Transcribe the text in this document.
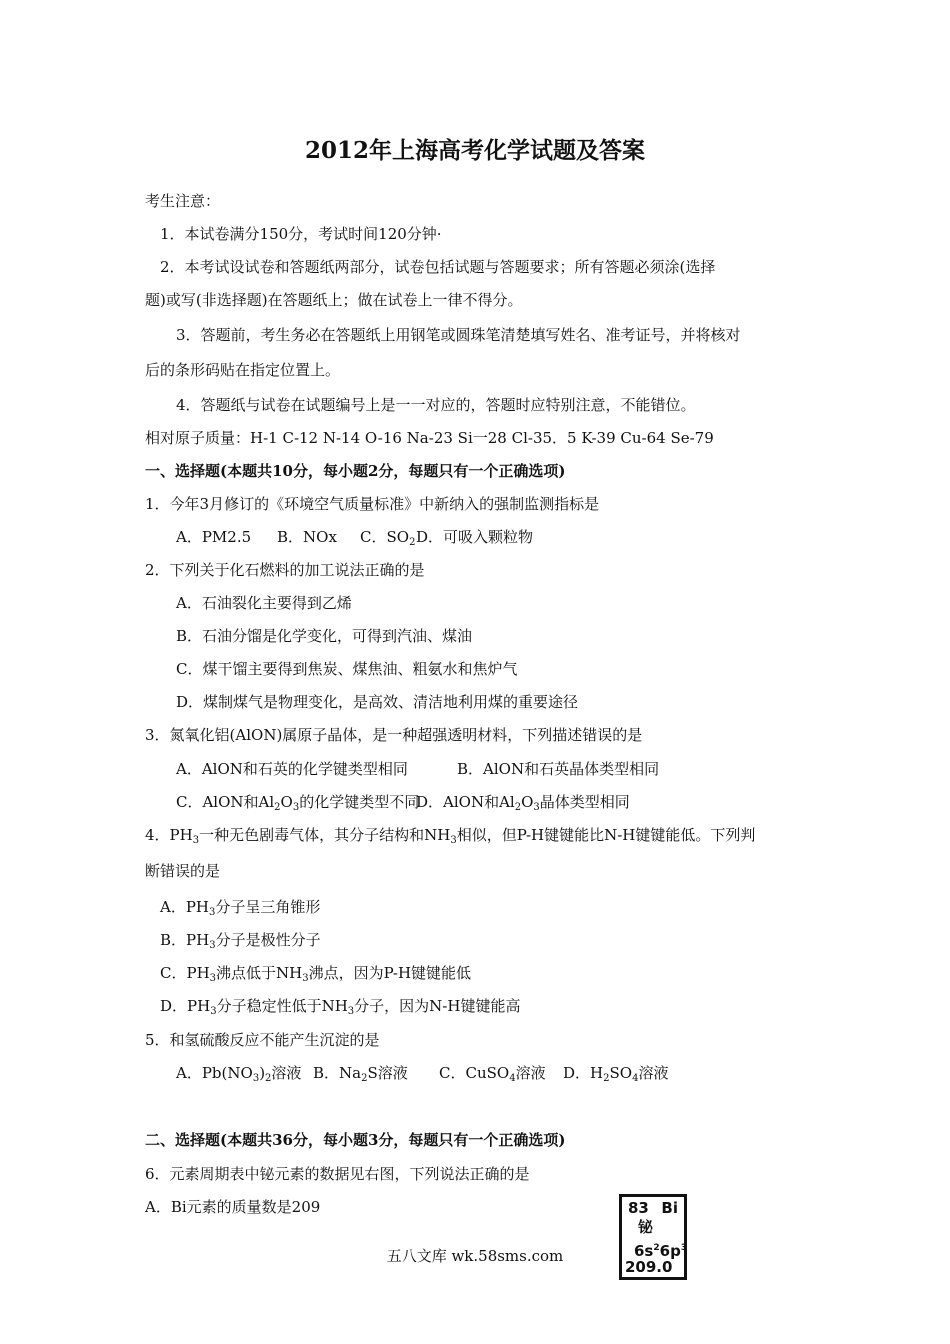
2012年上海高考化学试题及答案
考生注意：
1．本试卷满分150分，考试时间120分钟·
2．本考试设试卷和答题纸两部分，试卷包括试题与答题要求；所有答题必须涂(选择
题)或写(非选择题)在答题纸上；做在试卷上一律不得分。
3．答题前，考生务必在答题纸上用钢笔或圆珠笔清楚填写姓名、准考证号，并将核对
后的条形码贴在指定位置上。
4．答题纸与试卷在试题编号上是一一对应的，答题时应特别注意，不能错位。
相对原子质量：H-1 C-12 N-14 O-16 Na-23 Si一28 Cl-35．5 K-39 Cu-64 Se-79
一、选择题(本题共10分，每小题2分，每题只有一个正确选项)
1．今年3月修订的《环境空气质量标准》中新纳入的强制监测指标是
A．PM2.5 B．NOx C．$SO_2$ D．可吸入颗粒物
2．下列关于化石燃料的加工说法正确的是
A．石油裂化主要得到乙烯
B．石油分馏是化学变化，可得到汽油、煤油
C．煤干馏主要得到焦炭、煤焦油、粗氨水和焦炉气
D．煤制煤气是物理变化，是高效、清洁地利用煤的重要途径
3．氮氧化铝(AlON)属原子晶体，是一种超强透明材料，下列描述错误的是
A．AlON和石英的化学键类型相同	B．AlON和石英晶体类型相同
C．AlON和$Al_2O_3$的化学键类型不同
D．AlON和$Al_2O_3$晶体类型相同
4．$PH_3$一种无色剧毒气体，其分子结构和$NH_3$相似，但P-H键键能比N-H键键能低。下列判
断错误的是
A．$PH_3$分子呈三角锥形
B．$PH_3$分子是极性分子
C．$PH_3$沸点低于$NH_3$沸点，因为P-H键键能低
D．$PH_3$分子稳定性低于$NH_3$分子，因为N-H键键能高
5．和氢硫酸反应不能产生沉淀的是
A．$Pb(NO_3)_2$溶液 B．$Na_2S$溶液 C．CuSO$_4$溶液 D．$H_2SO_4$溶液
二、选择题(本题共36分，每小题3分，每题只有一个正确选项)
6．元素周期表中铋元素的数据见右图，下列说法正确的是
A．Bi元素的质量数是209	83 Bi
铋
$6s^26p^3$
209.0
五八文库 wk.58sms.com
